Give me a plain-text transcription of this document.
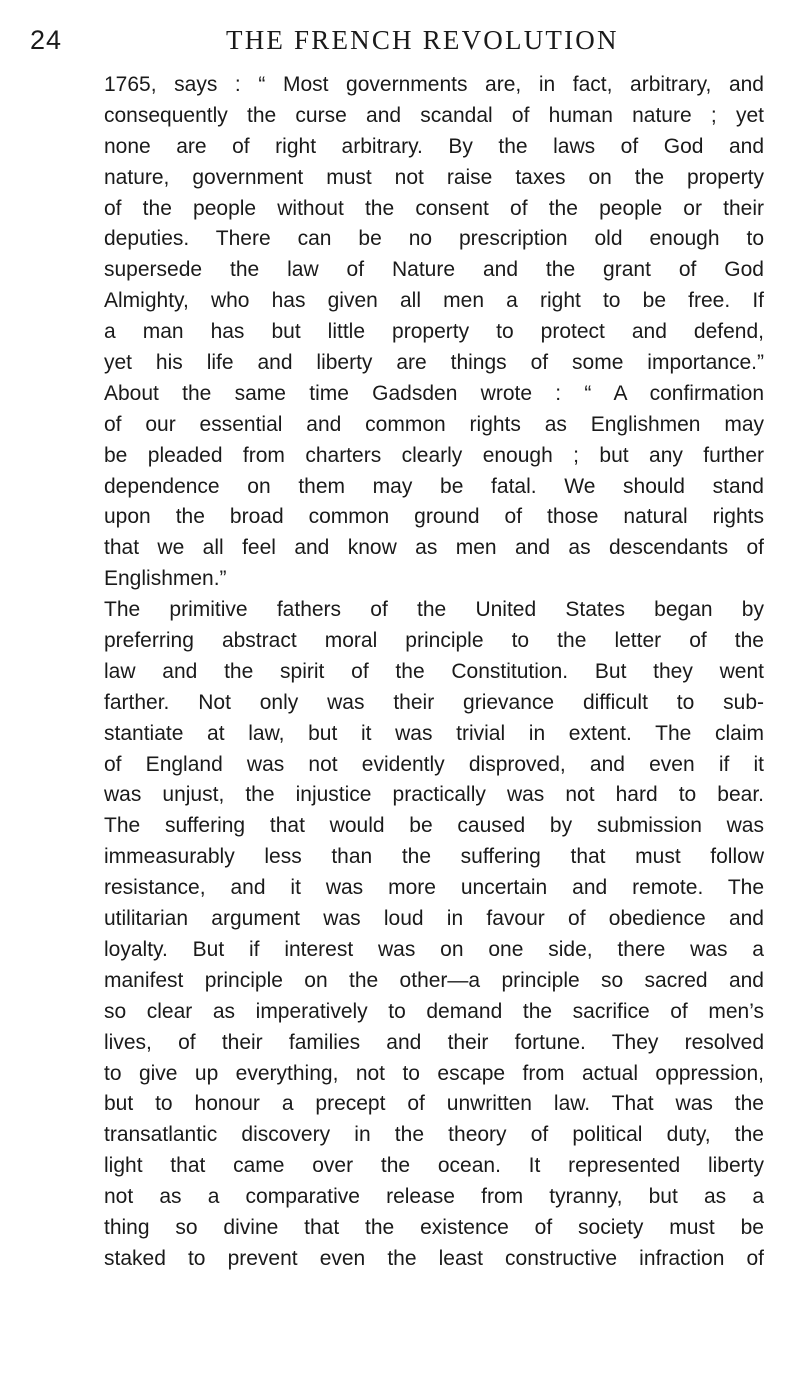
24	THE FRENCH REVOLUTION
1765, says : “ Most governments are, in fact, arbitrary, and
consequently the curse and scandal of human nature ; yet
none are of right arbitrary. By the laws of God and
nature, government must not raise taxes on the property
of the people without the consent of the people or their
deputies. There can be no prescription old enough to
supersede the law of Nature and the grant of God
Almighty, who has given all men a right to be free. If
a man has but little property to protect and defend,
yet his life and liberty are things of some importance.”
About the same time Gadsden wrote : “ A confirmation
of our essential and common rights as Englishmen may
be pleaded from charters clearly enough ; but any further
dependence on them may be fatal. We should stand
upon the broad common ground of those natural rights
that we all feel and know as men and as descendants of
Englishmen.”
The primitive fathers of the United States began by
preferring abstract moral principle to the letter of the
law and the spirit of the Constitution. But they went
farther. Not only was their grievance difficult to sub-
stantiate at law, but it was trivial in extent. The claim
of England was not evidently disproved, and even if it
was unjust, the injustice practically was not hard to bear.
The suffering that would be caused by submission was
immeasurably less than the suffering that must follow
resistance, and it was more uncertain and remote. The
utilitarian argument was loud in favour of obedience and
loyalty. But if interest was on one side, there was a
manifest principle on the other—a principle so sacred and
so clear as imperatively to demand the sacrifice of men’s
lives, of their families and their fortune. They resolved
to give up everything, not to escape from actual oppression,
but to honour a precept of unwritten law. That was the
transatlantic discovery in the theory of political duty, the
light that came over the ocean. It represented liberty
not as a comparative release from tyranny, but as a
thing so divine that the existence of society must be
staked to prevent even the least constructive infraction of
